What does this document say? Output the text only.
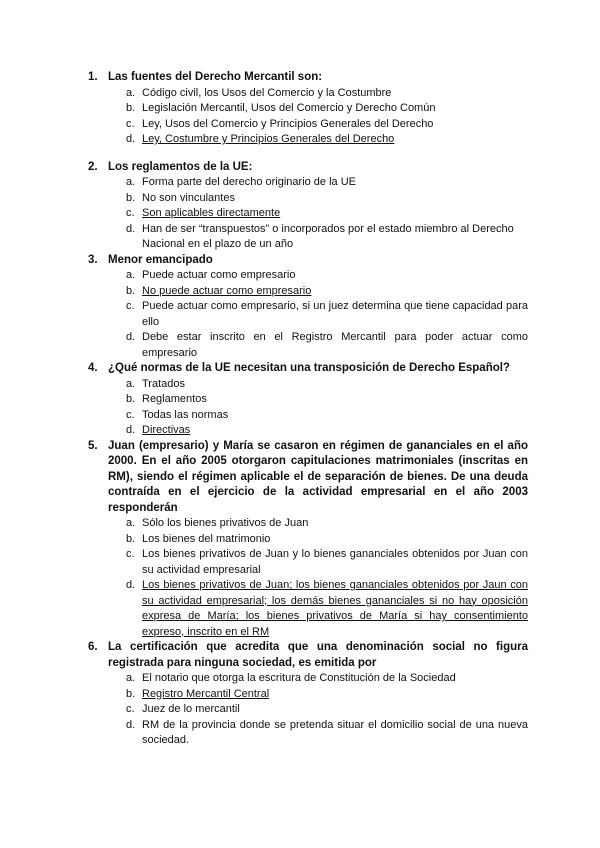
1. Las fuentes del Derecho Mercantil son:

a. Código civil, los Usos del Comercio y la Costumbre
b. Legislación Mercantil, Usos del Comercio y Derecho Común
c. Ley, Usos del Comercio y Principios Generales del Derecho
d. Ley, Costumbre y Principios Generales del Derecho
2. Los reglamentos de la UE:

a. Forma parte del derecho originario de la UE
b. No son vinculantes
c. Son aplicables directamente
d. Han de ser “transpuestos” o incorporados por el estado miembro al Derecho Nacional en el plazo de un año
3. Menor emancipado

a. Puede actuar como empresario
b. No puede actuar como empresario
c. Puede actuar como empresario, si un juez determina que tiene capacidad para ello
d. Debe estar inscrito en el Registro Mercantil para poder actuar como empresario
4. ¿Qué normas de la UE necesitan una transposición de Derecho Español?

a. Tratados
b. Reglamentos
c. Todas las normas
d. Directivas
5. Juan (empresario) y María se casaron en régimen de gananciales en el año 2000. En el año 2005 otorgaron capitulaciones matrimoniales (inscritas en RM), siendo el régimen aplicable el de separación de bienes. De una deuda contraída en el ejercicio de la actividad empresarial en el año 2003 responderán

a. Sólo los bienes privativos de Juan
b. Los bienes del matrimonio
c. Los bienes privativos de Juan y lo bienes gananciales obtenidos por Juan con su actividad empresarial
d. Los bienes privativos de Juan; los bienes gananciales obtenidos por Jaun con su actividad empresarial; los demás bienes gananciales si no hay oposición expresa de María; los bienes privativos de María si hay consentimiento expreso, inscrito en el RM
6. La certificación que acredita que una denominación social no figura registrada para ninguna sociedad, es emitida por

a. El notario que otorga la escritura de Constitución de la Sociedad
b. Registro Mercantil Central
c. Juez de lo mercantil
d. RM de la provincia donde se pretenda situar el domicilio social de una nueva sociedad.
